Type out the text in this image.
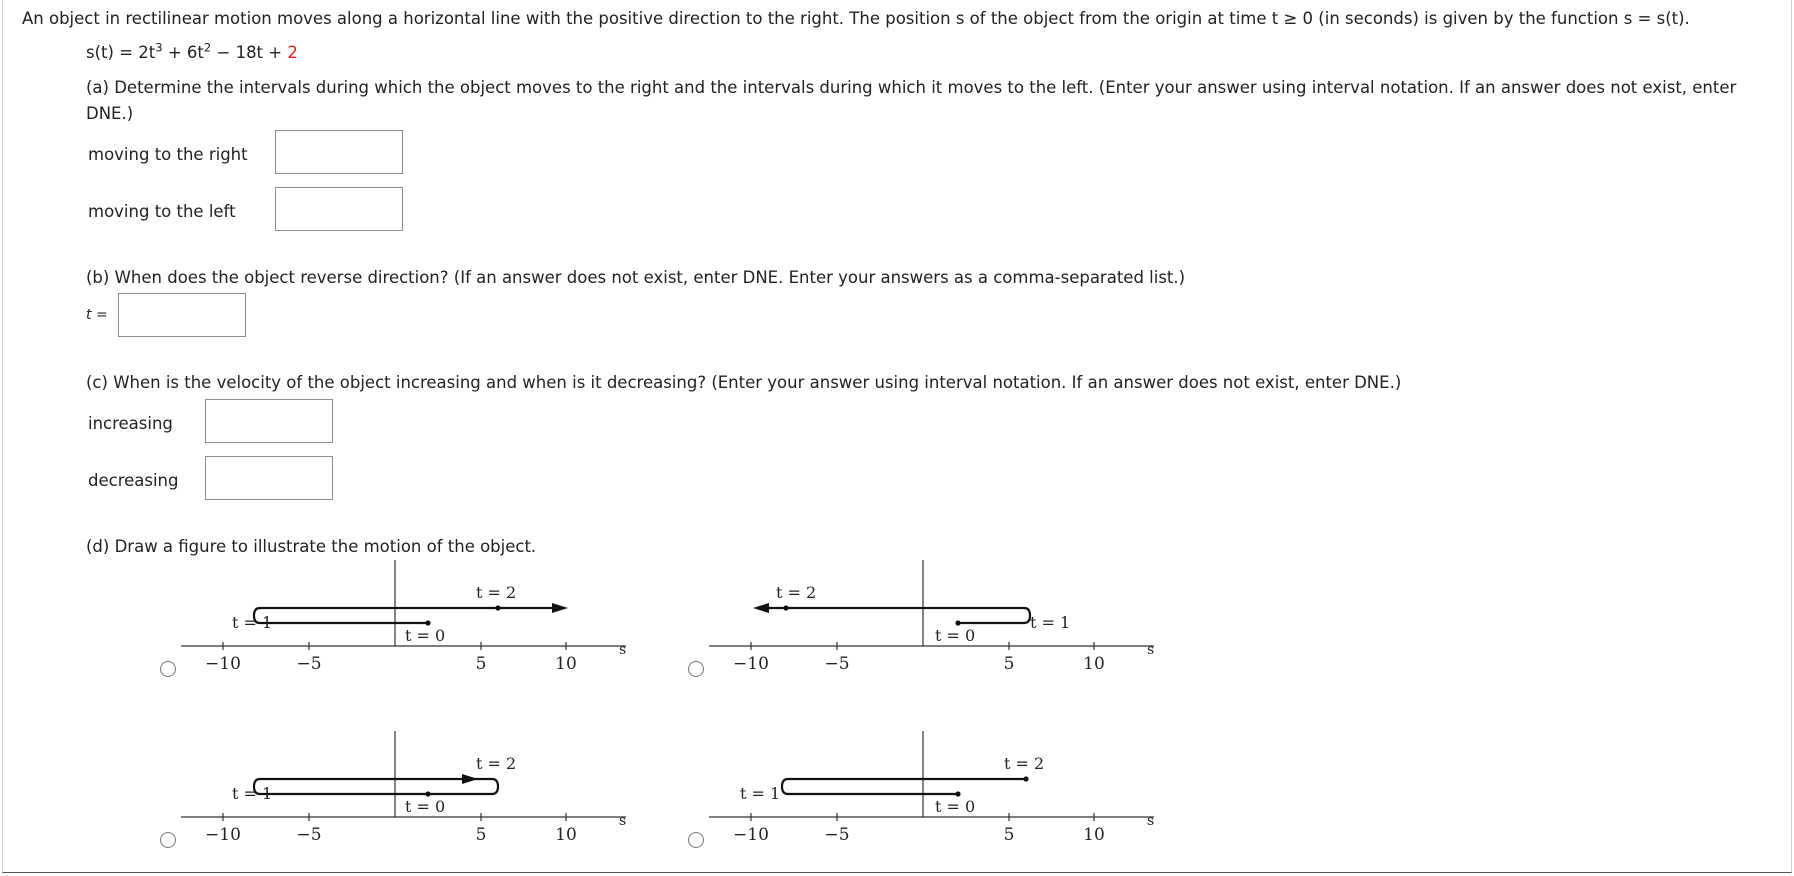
An object in rectilinear motion moves along a horizontal line with the positive direction to the right. The position s of the object from the origin at time t ≥ 0 (in seconds) is given by the function s = s(t).
$s(t) = 2t^3 + 6t^2 - 18t + 2$
(a) Determine the intervals during which the object moves to the right and the intervals during which it moves to the left. (Enter your answer using interval notation. If an answer does not exist, enter
DNE.)
moving to the right
moving to the left
(b) When does the object reverse direction? (If an answer does not exist, enter DNE. Enter your answers as a comma-separated list.)
t =
(c) When is the velocity of the object increasing and when is it decreasing? (Enter your answer using interval notation. If an answer does not exist, enter DNE.)
increasing
decreasing
(d) Draw a figure to illustrate the motion of the object.
−10	−5	5	10
s
t = 1
t = 0
t = 2
−10	−5	5	10
s
t = 1
t = 0
t = 2
−10	−5	5	10
s
t = 1
t = 0
t = 2
−10	−5	5	10
s
t = 1
t = 0
t = 2
